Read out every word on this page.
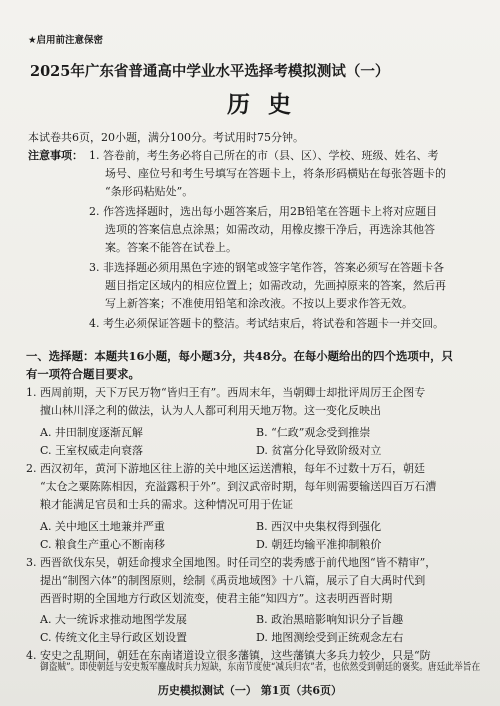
★启用前注意保密
2025年广东省普通高中学业水平选择考模拟测试（一）
历史
本试卷共6页，20小题，满分100分。考试用时75分钟。
注意事项： 1. 答卷前，考生务必将自己所在的市（县、区）、学校、班级、姓名、考
场号、座位号和考生号填写在答题卡上，将条形码横贴在每张答题卡的
“条形码粘贴处”。
2. 作答选择题时，选出每小题答案后，用2B铅笔在答题卡上将对应题目
选项的答案信息点涂黑；如需改动，用橡皮擦干净后，再选涂其他答
案。答案不能答在试卷上。
3. 非选择题必须用黑色字迹的钢笔或签字笔作答，答案必须写在答题卡各
题目指定区域内的相应位置上；如需改动，先画掉原来的答案，然后再
写上新答案；不准使用铅笔和涂改液。不按以上要求作答无效。
4. 考生必须保证答题卡的整洁。考试结束后，将试卷和答题卡一并交回。
一、选择题：本题共16小题，每小题3分，共48分。在每小题给出的四个选项中，只
有一项符合题目要求。
1. 西周前期，天下万民万物“皆归王有”。西周末年，当朝卿士却批评周厉王企图专
擅山林川泽之利的做法，认为人人都可利用天地万物。这一变化反映出
A. 井田制度逐渐瓦解	B. “仁政”观念受到推崇
C. 王室权威走向衰落	D. 贫富分化导致阶级对立
2. 西汉初年，黄河下游地区往上游的关中地区运送漕粮，每年不过数十万石，朝廷
“太仓之粟陈陈相因，充溢露积于外”。到汉武帝时期，每年则需要输送四百万石漕
粮才能满足官员和士兵的需求。这种情况可用于佐证
A. 关中地区土地兼并严重	B. 西汉中央集权得到强化
C. 粮食生产重心不断南移	D. 朝廷均输平准抑制粮价
3. 西晋欲伐东吴，朝廷命搜求全国地图。时任司空的裴秀感于前代地图“皆不精审”，
提出“制图六体”的制图原则，绘制《禹贡地域图》十八篇，展示了自大禹时代到
西晋时期的全国地方行政区划流变，使君主能“知四方”。这表明西晋时期
A. 大一统诉求推动地图学发展	B. 政治黑暗影响知识分子旨趣
C. 传统文化主导行政区划设置	D. 地图测绘受到正统观念左右
4. 安史之乱期间，朝廷在东南诸道设立很多藩镇，这些藩镇大多兵力较少，只是“防
历史模拟测试（一） 第1页（共6页）
御盗贼”。即使朝廷与安史叛军鏖战时兵力短缺，东南节度使“减兵归农”者，也依然受到朝廷的褒奖。唐廷此举旨在
